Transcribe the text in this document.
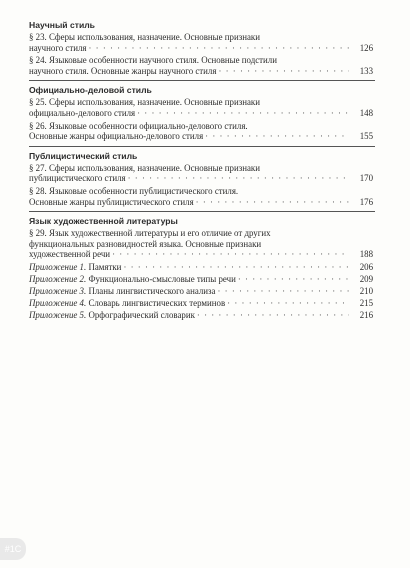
Научный стиль
§ 23. Сферы использования, назначение. Основные признаки
научного стиля · · ·	126
§ 24. Языковые особенности научного стиля. Основные подстили
научного стиля. Основные жанры научного стиля · · ·	133
Официально-деловой стиль
§ 25. Сферы использования, назначение. Основные признаки
официально-делового стиля · · ·	148
§ 26. Языковые особенности официально-делового стиля.
Основные жанры официально-делового стиля · · ·	155
Публицистический стиль
§ 27. Сферы использования, назначение. Основные признаки
публицистического стиля · · ·	170
§ 28. Языковые особенности публицистического стиля.
Основные жанры публицистического стиля · · ·	176
Язык художественной литературы
§ 29. Язык художественной литературы и его отличие от других
функциональных разновидностей языка. Основные признаки
художественной речи · · ·	188
Приложение 1. Памятки · · ·	206
Приложение 2. Функционально-смысловые типы речи · · ·	209
Приложение 3. Планы лингвистического анализа · · ·	210
Приложение 4. Словарь лингвистических терминов · · ·	215
Приложение 5. Орфографический словарик · · ·	216
#1C
